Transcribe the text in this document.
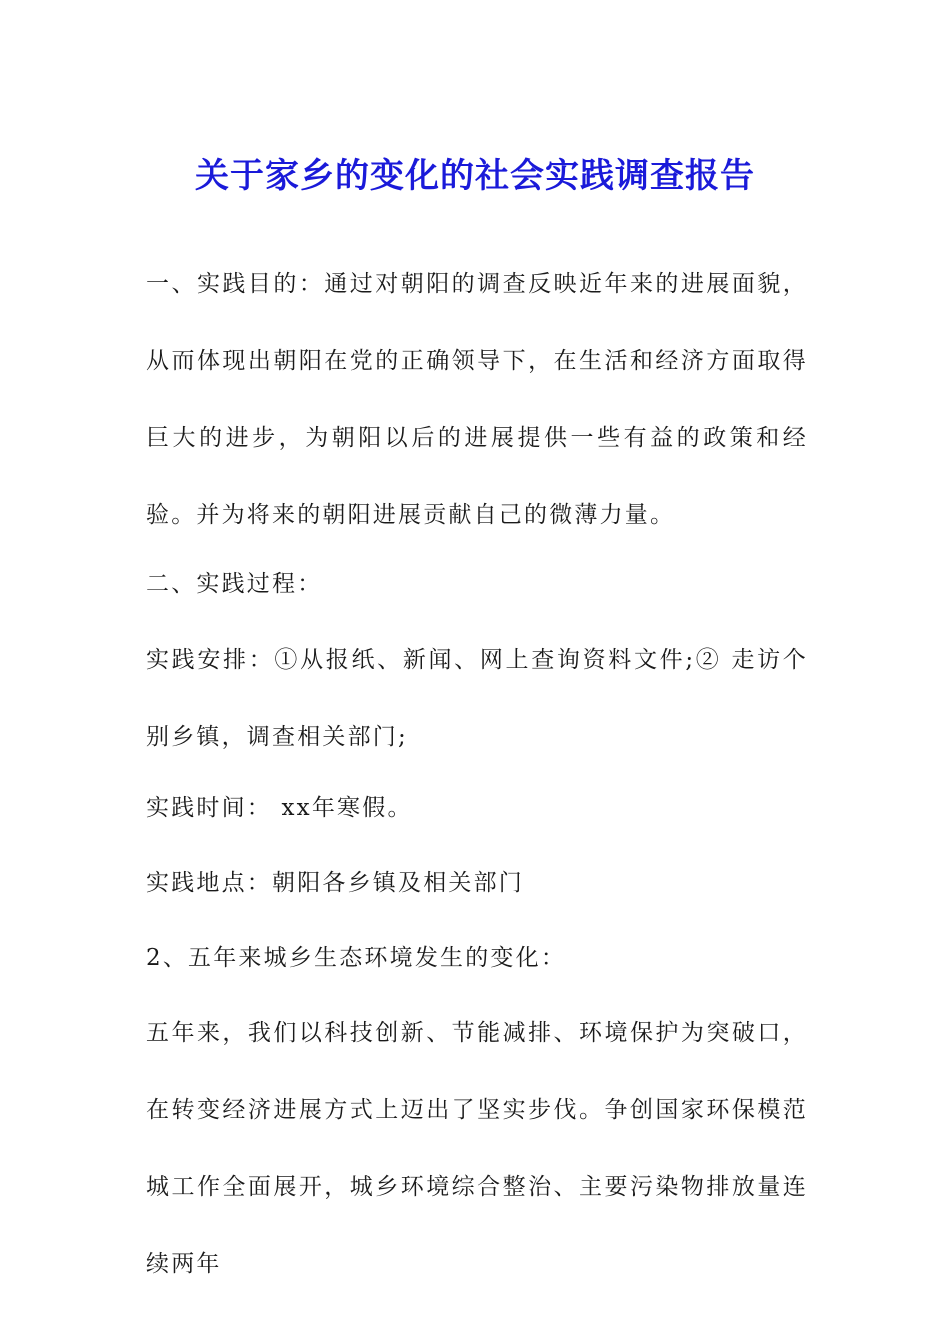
关于家乡的变化的社会实践调查报告

一、实践目的：通过对朝阳的调查反映近年来的进展面貌，从而体现出朝阳在党的正确领导下，在生活和经济方面取得巨大的进步，为朝阳以后的进展提供一些有益的政策和经验。并为将来的朝阳进展贡献自己的微薄力量。

二、实践过程：

实践安排：①从报纸、新闻、网上查询资料文件;② 走访个别乡镇，调查相关部门;

实践时间： xx年寒假。

实践地点：朝阳各乡镇及相关部门

2、五年来城乡生态环境发生的变化：

五年来，我们以科技创新、节能减排、环境保护为突破口，在转变经济进展方式上迈出了坚实步伐。争创国家环保模范城工作全面展开，城乡环境综合整治、主要污染物排放量连续两年
